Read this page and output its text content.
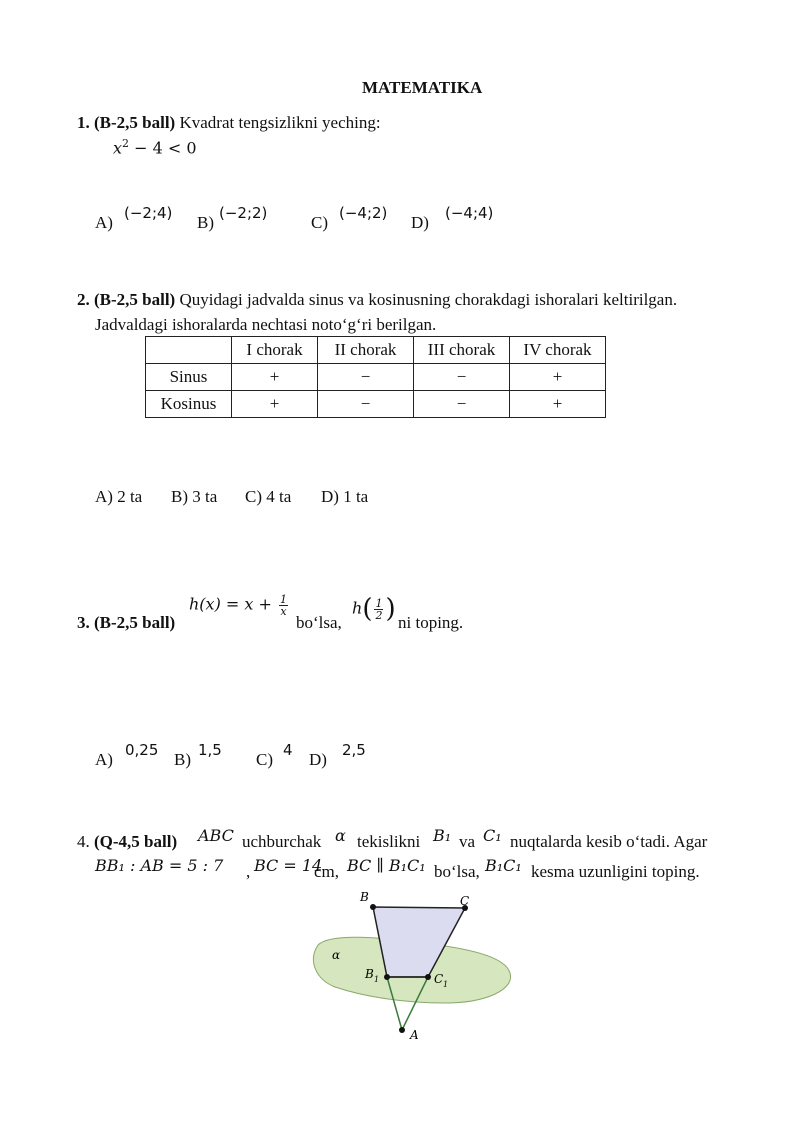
MATEMATIKA
1. (B-2,5 ball) Kvadrat tengsizlikni yeching:
$x^2 - 4 < 0$
A) (−2;4) B) (−2;2)	C) (−4;2) D) (−4;4)
2. (B-2,5 ball) Quyidagi jadvalda sinus va kosinusning chorakdagi ishoralari keltirilgan.
Jadvaldagi ishoralarda nechtasi noto‘g‘ri berilgan.
	I chorak	II chorak	III chorak	IV chorak
Sinus	+	−	−	+
Kosinus	+	−	−	+
A) 2 ta B) 3 ta C) 4 ta D) 1 ta
3. (B-2,5 ball)
$h(x) = x + \frac{1}{x}$
bo‘lsa,
$h( \frac{1}{2}$ ) ni toping.
A) 0,25 B) 1,5 C) 4 D) 2,5
4. (Q-4,5 ball) ABC uchburchak α tekislikni B₁ va C₁ nuqtalarda kesib o‘tadi. Agar
BB₁ : AB = 5 : 7 , BC = 14
cm, BC ∥ B₁C₁ bo‘lsa, B₁C₁ kesma uzunligini toping.
B	C
α
B 1	C 1
A
